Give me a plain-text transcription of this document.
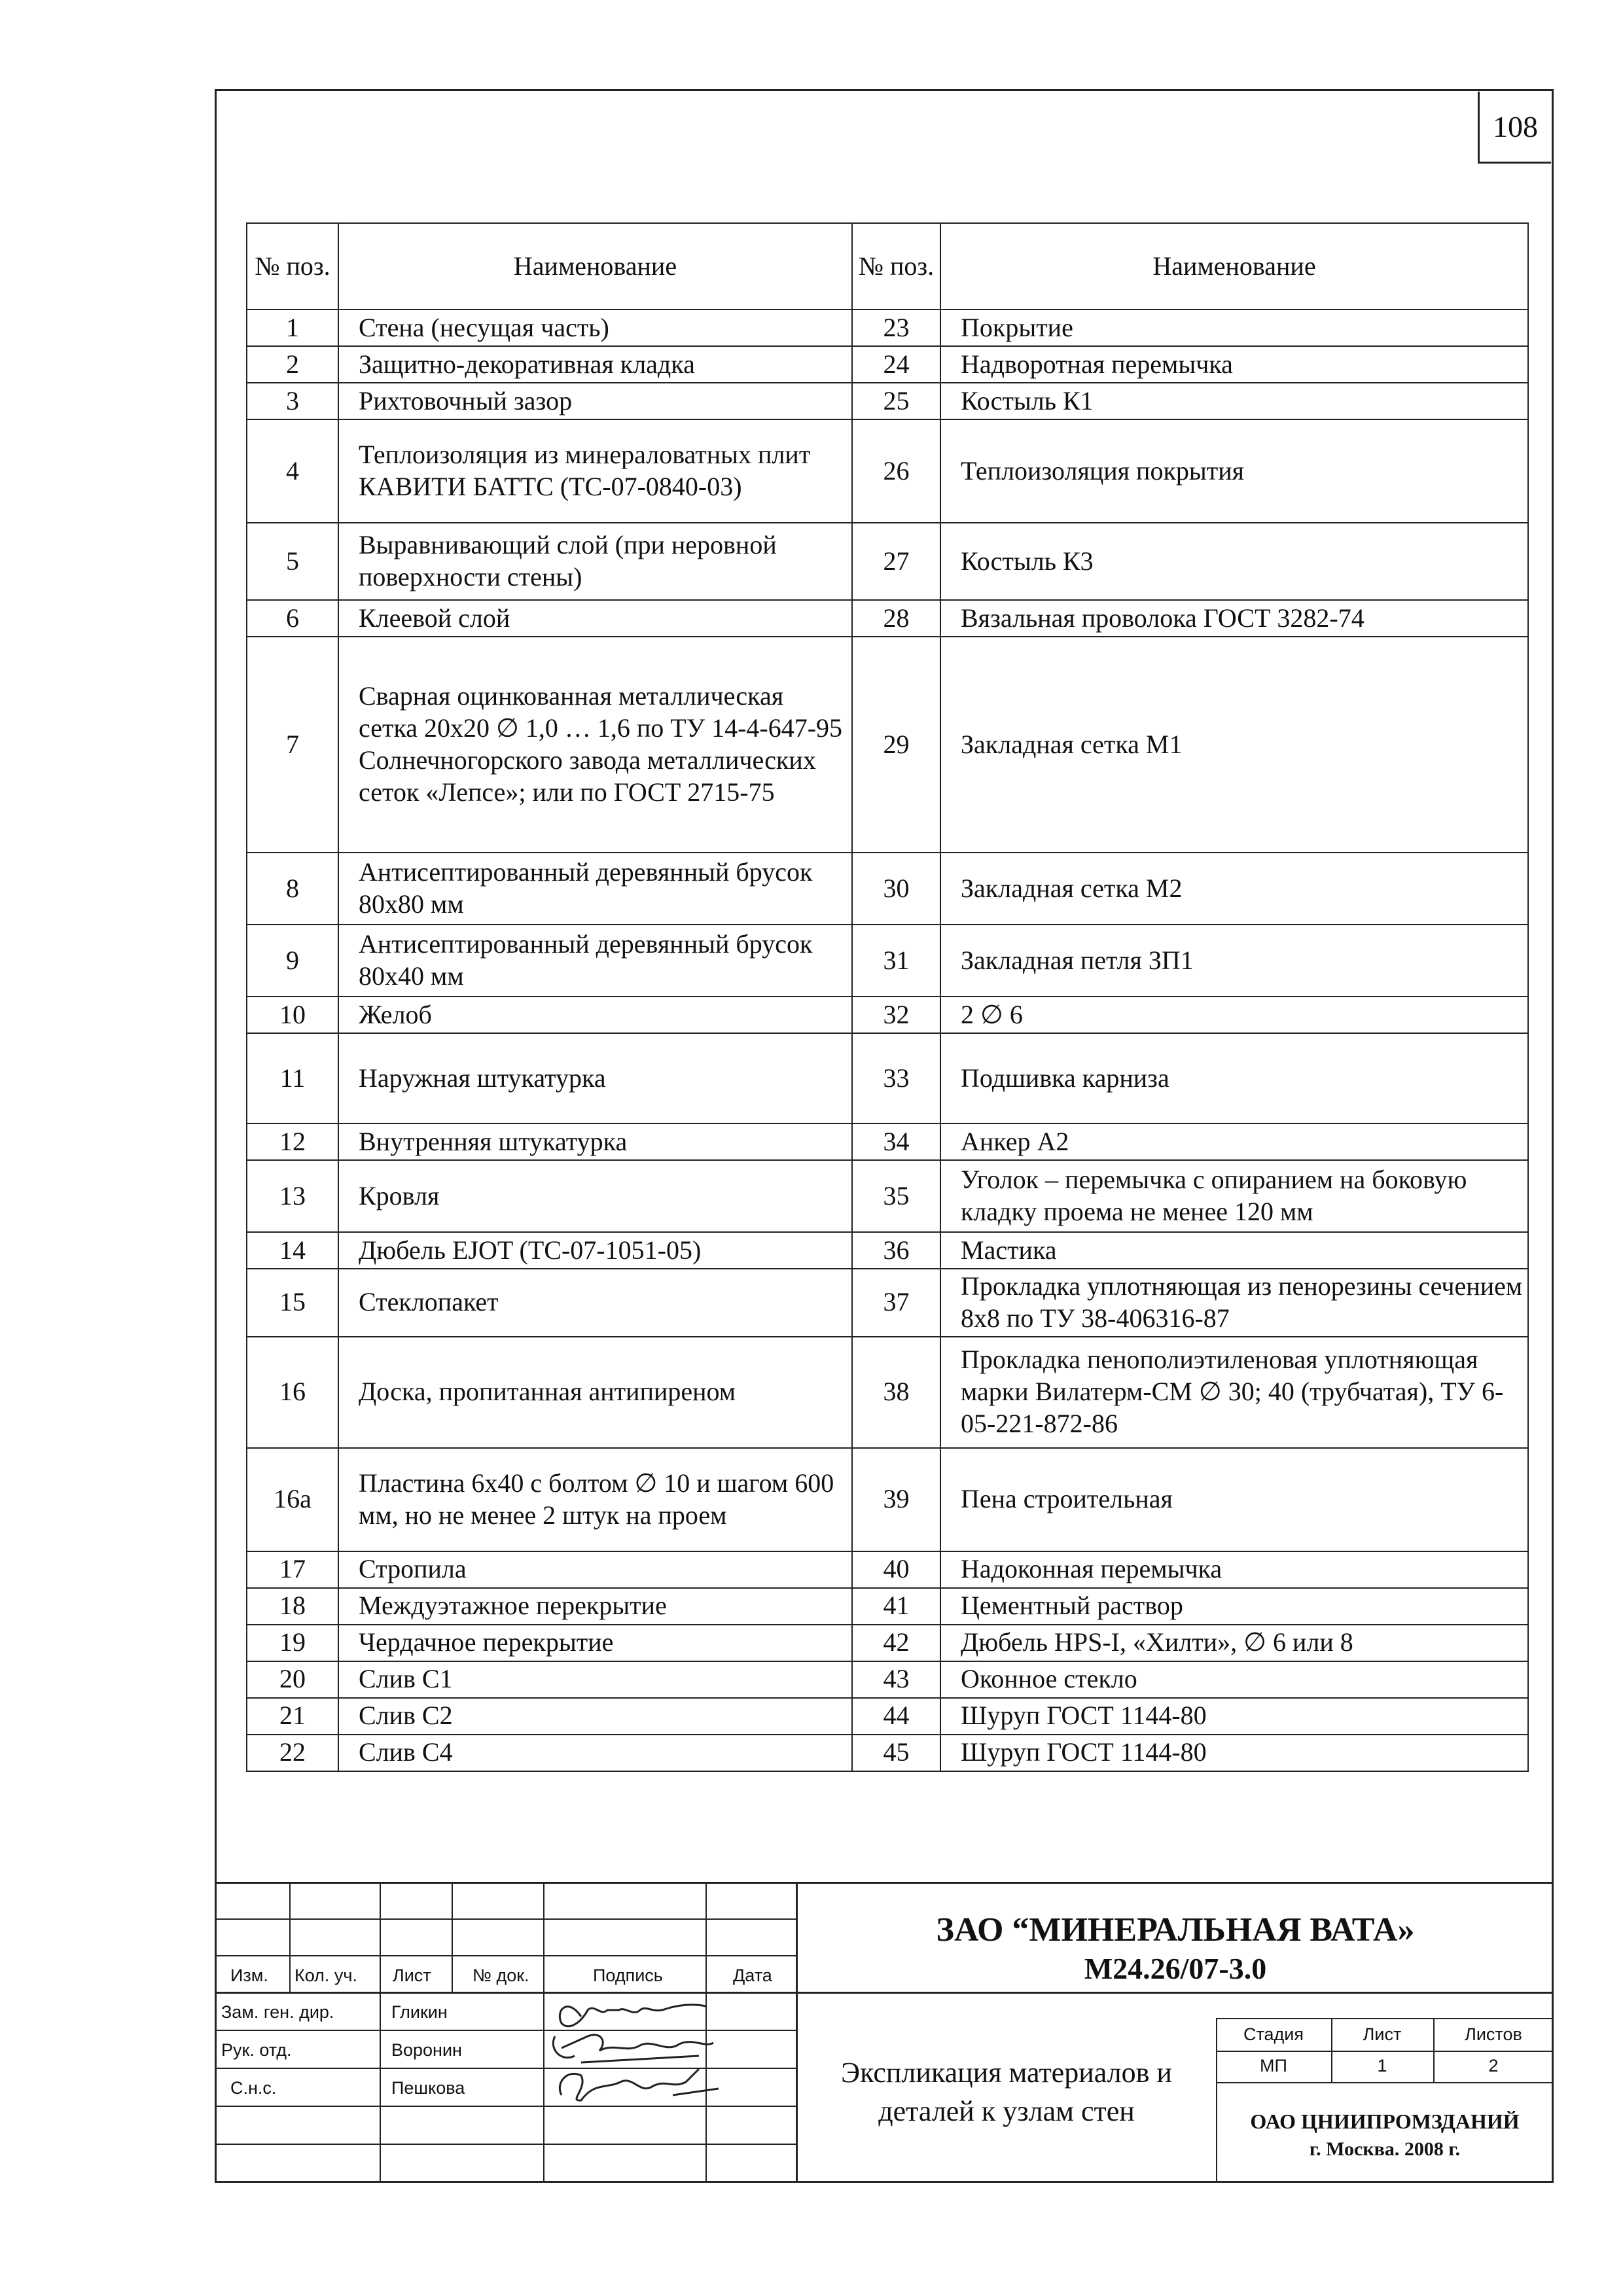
108
№ поз.	Наименование	№ поз.	Наименование
1	Стена (несущая часть)	23	Покрытие
2	Защитно-декоративная кладка	24	Надворотная перемычка
3	Рихтовочный зазор	25	Костыль К1
4	Теплоизоляция из минераловатных плит КАВИТИ БАТТС (ТС-07-0840-03)	26	Теплоизоляция покрытия
5	Выравнивающий слой (при неровной поверхности стены)	27	Костыль К3
6	Клеевой слой	28	Вязальная проволока ГОСТ 3282-74
7	Сварная оцинкованная металлическая сетка 20х20 ∅ 1,0 … 1,6 по ТУ 14-4-647-95 Солнечногорского завода металлических сеток «Лепсе»; или по ГОСТ 2715-75	29	Закладная сетка М1
8	Антисептированный деревянный брусок 80х80 мм	30	Закладная сетка М2
9	Антисептированный деревянный брусок 80х40 мм	31	Закладная петля ЗП1
10	Желоб	32	2 ∅ 6
11	Наружная штукатурка	33	Подшивка карниза
12	Внутренняя штукатурка	34	Анкер А2
13	Кровля	35	Уголок – перемычка с опиранием на боковую кладку проема не менее 120 мм
14	Дюбель EJOT (ТС-07-1051-05)	36	Мастика
15	Стеклопакет	37	Прокладка уплотняющая из пенорезины сечением 8х8 по ТУ 38-406316-87
16	Доска, пропитанная антипиреном	38	Прокладка пенополиэтиленовая уплотняющая марки Вилатерм-СМ ∅ 30; 40 (трубчатая), ТУ 6-05-221-872-86
16а	Пластина 6х40 с болтом ∅ 10 и шагом 600 мм, но не менее 2 штук на проем	39	Пена строительная
17	Стропила	40	Надоконная перемычка
18	Междуэтажное перекрытие	41	Цементный раствор
19	Чердачное перекрытие	42	Дюбель HPS-I, «Хилти», ∅ 6 или 8
20	Слив С1	43	Оконное стекло
21	Слив С2	44	Шуруп ГОСТ 1144-80
22	Слив С4	45	Шуруп ГОСТ 1144-80
Изм. Кол. уч. Лист № док.	Подпись	Дата
Зам. ген. дир.	Гликин
Рук. отд.	Воронин
С.н.с.	Пешкова
ЗАО “МИНЕРАЛЬНАЯ ВАТА»
М24.26/07-3.0
Экспликация материалов и деталей к узлам стен
Стадия	Лист	Листов
МП	1	2
ОАО ЦНИИПРОМЗДАНИЙ
г. Москва. 2008 г.
